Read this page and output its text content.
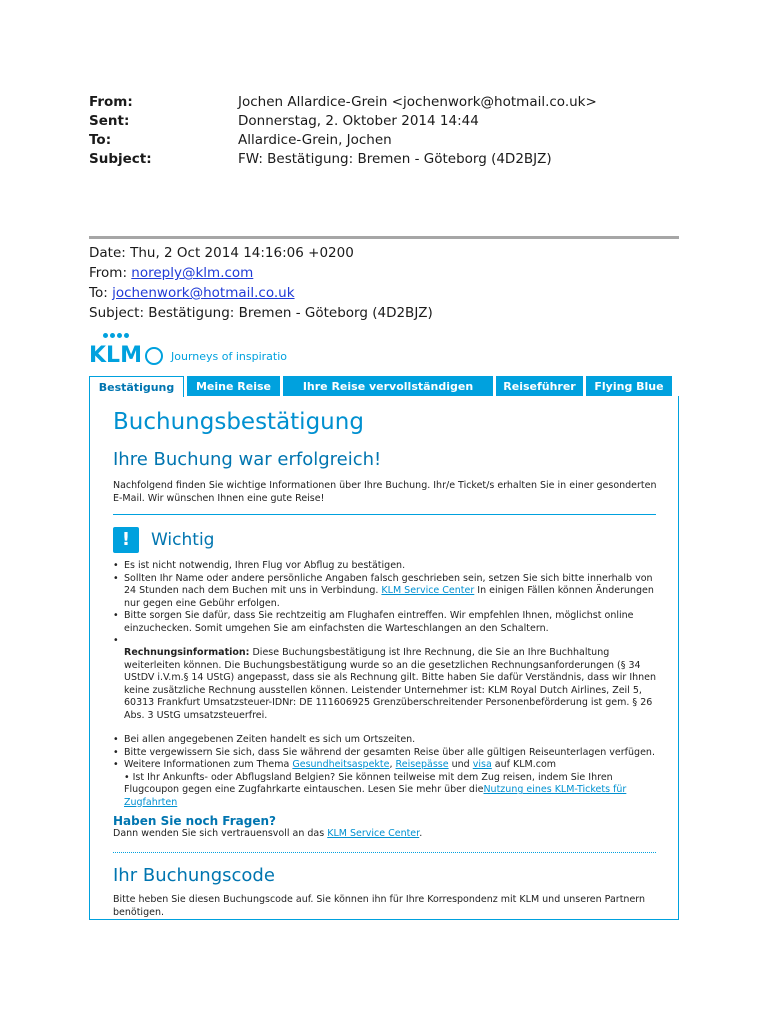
From:	Jochen Allardice-Grein <jochenwork@hotmail.co.uk>
Sent:	Donnerstag, 2. Oktober 2014 14:44
To:	Allardice-Grein, Jochen
Subject:	FW: Bestätigung: Bremen - Göteborg (4D2BJZ)
Date: Thu, 2 Oct 2014 14:16:06 +0200
From: noreply@klm.com
To: jochenwork@hotmail.co.uk
Subject: Bestätigung: Bremen - Göteborg (4D2BJZ)
KLM	Journeys of inspiratio
Bestätigung	Meine Reise	Ihre Reise vervollständigen	Reiseführer	Flying Blue
Buchungsbestätigung
Ihre Buchung war erfolgreich!
Nachfolgend finden Sie wichtige Informationen über Ihre Buchung. Ihr/e Ticket/s erhalten Sie in einer gesonderten E-Mail. Wir wünschen Ihnen eine gute Reise!
!	Wichtig
• Es ist nicht notwendig, Ihren Flug vor Abflug zu bestätigen.
• Sollten Ihr Name oder andere persönliche Angaben falsch geschrieben sein, setzen Sie sich bitte innerhalb von 24 Stunden nach dem Buchen mit uns in Verbindung. KLM Service Center In einigen Fällen können Änderungen nur gegen eine Gebühr erfolgen.
• Bitte sorgen Sie dafür, dass Sie rechtzeitig am Flughafen eintreffen. Wir empfehlen Ihnen, möglichst online einzuchecken. Somit umgehen Sie am einfachsten die Warteschlangen an den Schaltern.
• Rechnungsinformation: Diese Buchungsbestätigung ist Ihre Rechnung, die Sie an Ihre Buchhaltung weiterleiten können. Die Buchungsbestätigung wurde so an die gesetzlichen Rechnungsanforderungen (§ 34 UStDV i.V.m.§ 14 UStG) angepasst, dass sie als Rechnung gilt. Bitte haben Sie dafür Verständnis, dass wir Ihnen keine zusätzliche Rechnung ausstellen können. Leistender Unternehmer ist: KLM Royal Dutch Airlines, Zeil 5, 60313 Frankfurt Umsatzsteuer-IDNr: DE 111606925 Grenzüberschreitender Personenbeförderung ist gem. § 26 Abs. 3 UStG umsatzsteuerfrei.
• Bei allen angegebenen Zeiten handelt es sich um Ortszeiten.
• Bitte vergewissern Sie sich, dass Sie während der gesamten Reise über alle gültigen Reiseunterlagen verfügen.
• Weitere Informationen zum Thema Gesundheitsaspekte, Reisepässe und visa auf KLM.com
• Ist Ihr Ankunfts- oder Abflugsland Belgien? Sie können teilweise mit dem Zug reisen, indem Sie Ihren Flugcoupon gegen eine Zugfahrkarte eintauschen. Lesen Sie mehr über dieNutzung eines KLM-Tickets für Zugfahrten
Haben Sie noch Fragen?
Dann wenden Sie sich vertrauensvoll an das KLM Service Center.
Ihr Buchungscode
Bitte heben Sie diesen Buchungscode auf. Sie können ihn für Ihre Korrespondenz mit KLM und unseren Partnern benötigen.
